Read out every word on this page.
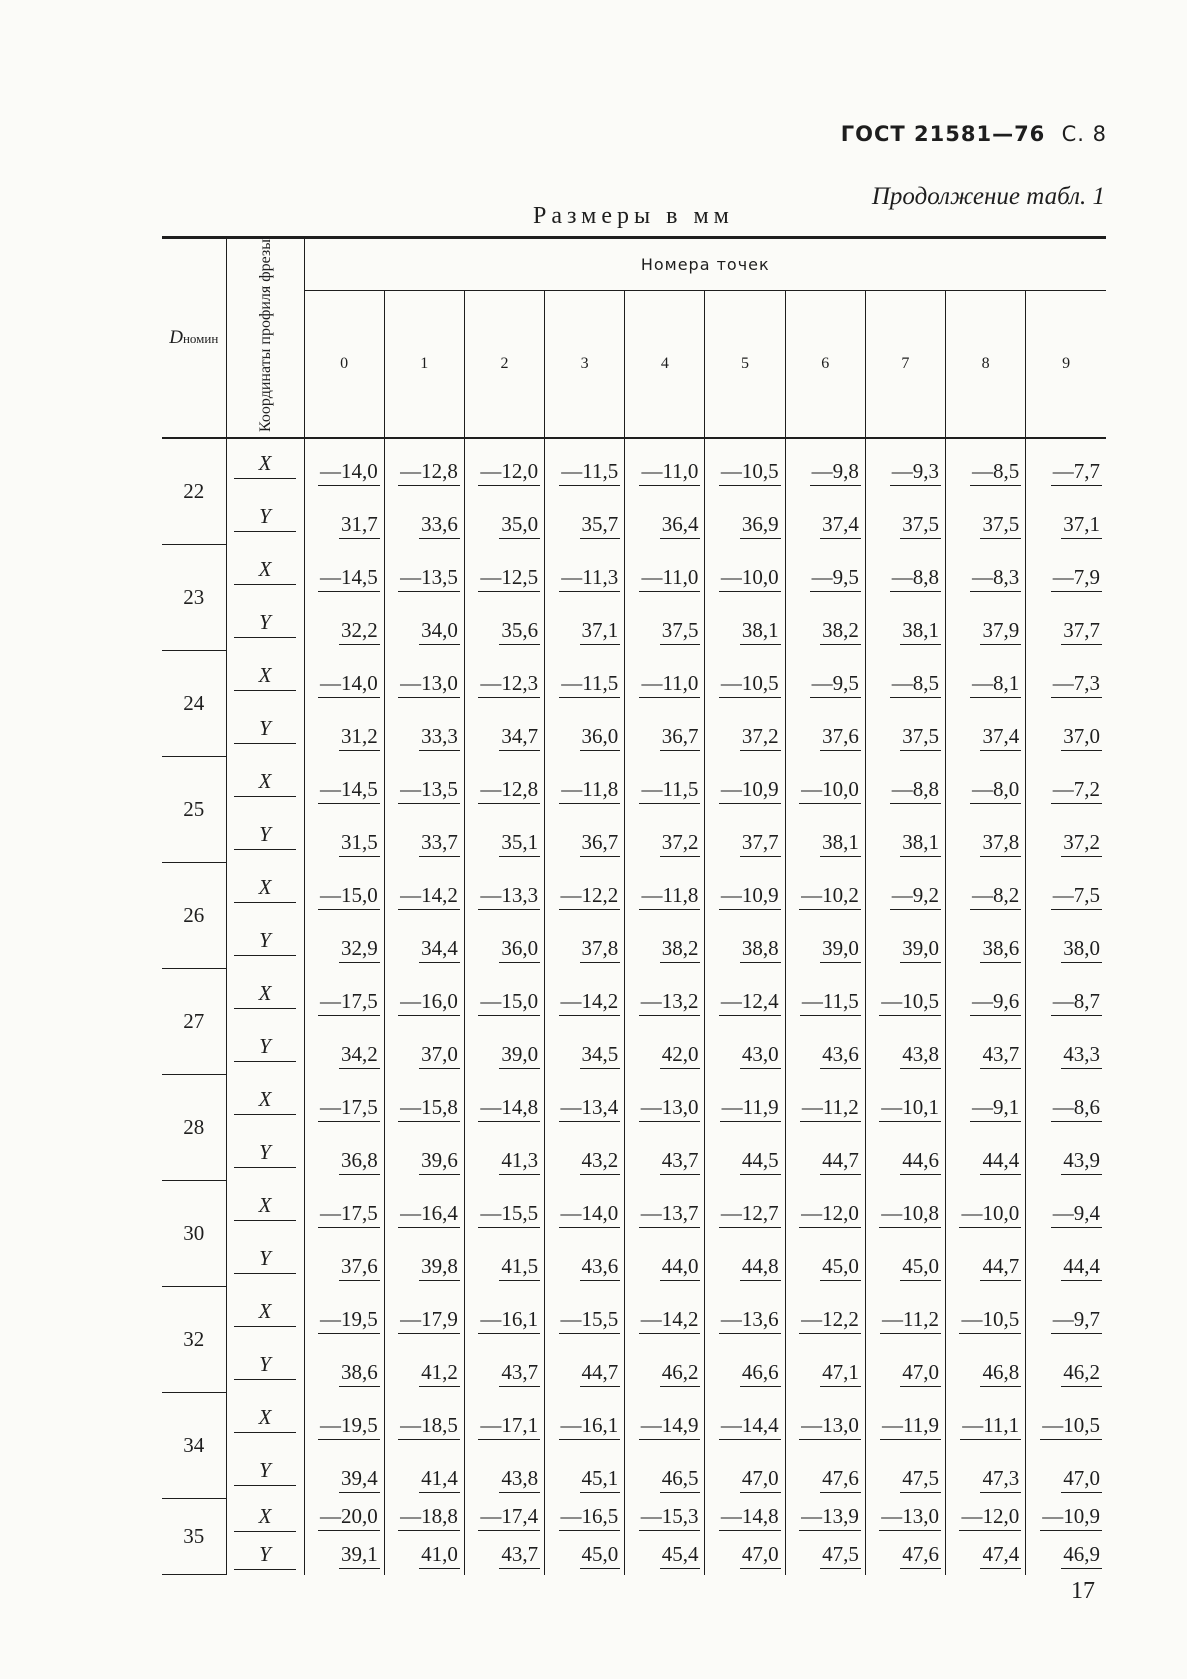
ГОСТ 21581—76 С. 8
Продолжение табл. 1
Размеры в мм
Dномин	Координаты профиля фрезы	Номера точек									
		0	1	2	3	4	5	6	7	8	9
22	X	—14,0	—12,8	—12,0	—11,5	—11,0	—10,5	—9,8	—9,3	—8,5	—7,7
	Y	31,7	33,6	35,0	35,7	36,4	36,9	37,4	37,5	37,5	37,1
23	X	—14,5	—13,5	—12,5	—11,3	—11,0	—10,0	—9,5	—8,8	—8,3	—7,9
	Y	32,2	34,0	35,6	37,1	37,5	38,1	38,2	38,1	37,9	37,7
24	X	—14,0	—13,0	—12,3	—11,5	—11,0	—10,5	—9,5	—8,5	—8,1	—7,3
	Y	31,2	33,3	34,7	36,0	36,7	37,2	37,6	37,5	37,4	37,0
25	X	—14,5	—13,5	—12,8	—11,8	—11,5	—10,9	—10,0	—8,8	—8,0	—7,2
	Y	31,5	33,7	35,1	36,7	37,2	37,7	38,1	38,1	37,8	37,2
26	X	—15,0	—14,2	—13,3	—12,2	—11,8	—10,9	—10,2	—9,2	—8,2	—7,5
	Y	32,9	34,4	36,0	37,8	38,2	38,8	39,0	39,0	38,6	38,0
27	X	—17,5	—16,0	—15,0	—14,2	—13,2	—12,4	—11,5	—10,5	—9,6	—8,7
	Y	34,2	37,0	39,0	34,5	42,0	43,0	43,6	43,8	43,7	43,3
28	X	—17,5	—15,8	—14,8	—13,4	—13,0	—11,9	—11,2	—10,1	—9,1	—8,6
	Y	36,8	39,6	41,3	43,2	43,7	44,5	44,7	44,6	44,4	43,9
30	X	—17,5	—16,4	—15,5	—14,0	—13,7	—12,7	—12,0	—10,8	—10,0	—9,4
	Y	37,6	39,8	41,5	43,6	44,0	44,8	45,0	45,0	44,7	44,4
32	X	—19,5	—17,9	—16,1	—15,5	—14,2	—13,6	—12,2	—11,2	—10,5	—9,7
	Y	38,6	41,2	43,7	44,7	46,2	46,6	47,1	47,0	46,8	46,2
34	X	—19,5	—18,5	—17,1	—16,1	—14,9	—14,4	—13,0	—11,9	—11,1	—10,5
	Y	39,4	41,4	43,8	45,1	46,5	47,0	47,6	47,5	47,3	47,0
35	X	—20,0	—18,8	—17,4	—16,5	—15,3	—14,8	—13,9	—13,0	—12,0	—10,9
	Y	39,1	41,0	43,7	45,0	45,4	47,0	47,5	47,6	47,4	46,9
17
